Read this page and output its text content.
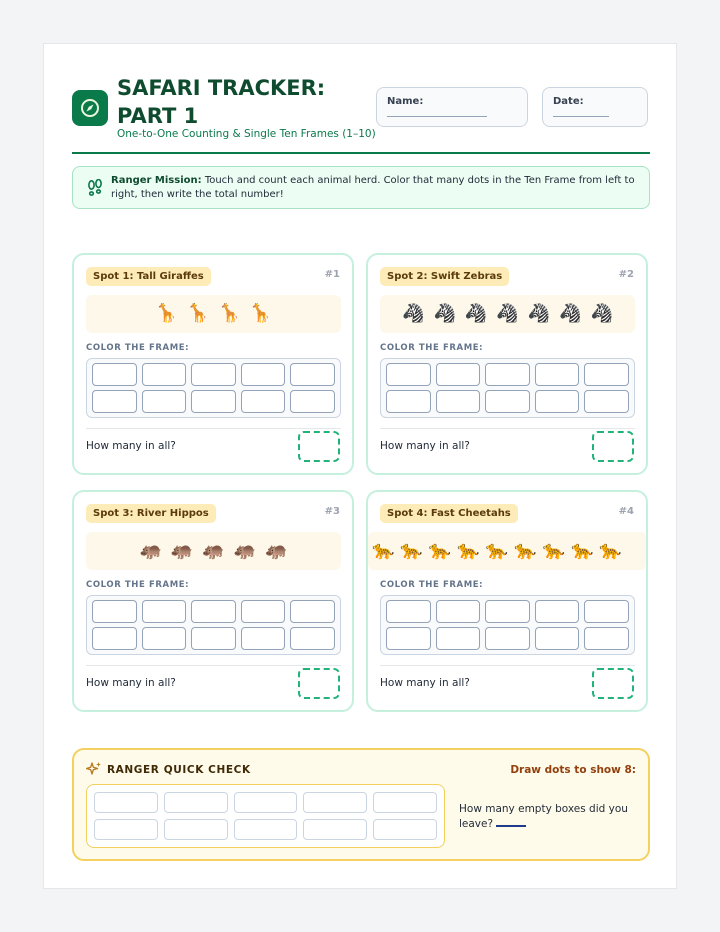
SAFARI TRACKER: PART 1
One-to-One Counting & Single Ten Frames (1–10)
Name:	Date:
Ranger Mission: Touch and count each animal herd. Color that many dots in the Ten Frame from left to right, then write the total number!
Spot 1: Tall Giraffes	#1
🦒 🦒 🦒 🦒
COLOR THE FRAME:
How many in all?
Spot 2: Swift Zebras	#2
🦓 🦓 🦓 🦓 🦓 🦓 🦓
COLOR THE FRAME:
How many in all?
Spot 3: River Hippos	#3
🦛 🦛 🦛 🦛 🦛
COLOR THE FRAME:
How many in all?
Spot 4: Fast Cheetahs	#4
🐆 🐆 🐆 🐆 🐆 🐆 🐆 🐆 🐆
COLOR THE FRAME:
How many in all?
RANGER QUICK CHECK	Draw dots to show 8:
How many empty boxes did you leave?
